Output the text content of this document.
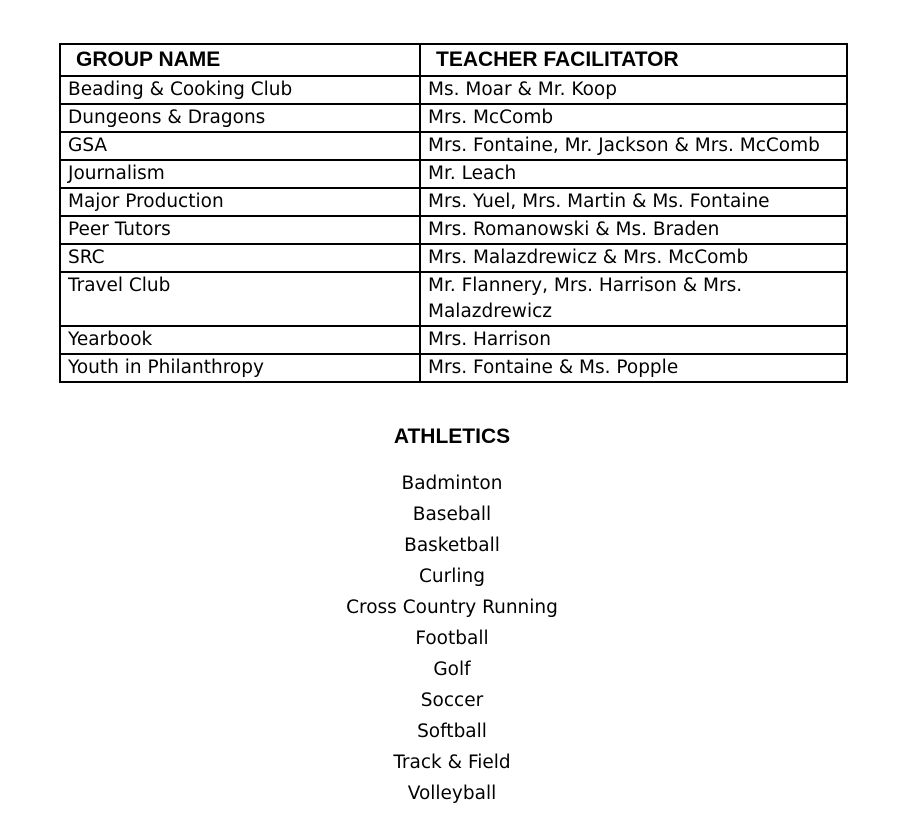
GROUP NAME	TEACHER FACILITATOR
Beading & Cooking Club	Ms. Moar & Mr. Koop
Dungeons & Dragons	Mrs. McComb
GSA	Mrs. Fontaine, Mr. Jackson & Mrs. McComb
Journalism	Mr. Leach
Major Production	Mrs. Yuel, Mrs. Martin & Ms. Fontaine
Peer Tutors	Mrs. Romanowski & Ms. Braden
SRC	Mrs. Malazdrewicz & Mrs. McComb
Travel Club	Mr. Flannery, Mrs. Harrison & Mrs. Malazdrewicz
Yearbook	Mrs. Harrison
Youth in Philanthropy	Mrs. Fontaine & Ms. Popple
ATHLETICS
Badminton
Baseball
Basketball
Curling
Cross Country Running
Football
Golf
Soccer
Softball
Track & Field
Volleyball
